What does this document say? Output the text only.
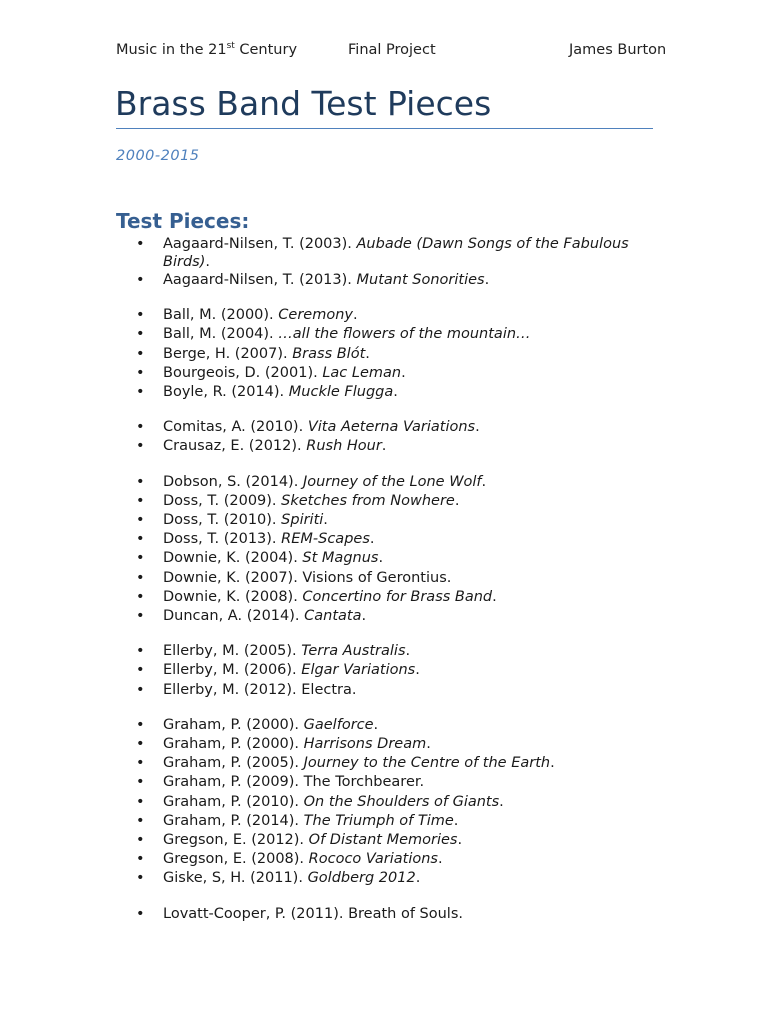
Music in the 21st Century	Final Project	James Burton
Brass Band Test Pieces
2000-2015
Test Pieces:
• Aagaard-Nilsen, T. (2003). Aubade (Dawn Songs of the Fabulous Birds).
• Aagaard-Nilsen, T. (2013). Mutant Sonorities.
• Ball, M. (2000). Ceremony.
• Ball, M. (2004). …all the flowers of the mountain…
• Berge, H. (2007). Brass Blót.
• Bourgeois, D. (2001). Lac Leman.
• Boyle, R. (2014). Muckle Flugga.
• Comitas, A. (2010). Vita Aeterna Variations.
• Crausaz, E. (2012). Rush Hour.
• Dobson, S. (2014). Journey of the Lone Wolf.
• Doss, T. (2009). Sketches from Nowhere.
• Doss, T. (2010). Spiriti.
• Doss, T. (2013). REM-Scapes.
• Downie, K. (2004). St Magnus.
• Downie, K. (2007). Visions of Gerontius.
• Downie, K. (2008). Concertino for Brass Band.
• Duncan, A. (2014). Cantata.
• Ellerby, M. (2005). Terra Australis.
• Ellerby, M. (2006). Elgar Variations.
• Ellerby, M. (2012). Electra.
• Graham, P. (2000). Gaelforce.
• Graham, P. (2000). Harrisons Dream.
• Graham, P. (2005). Journey to the Centre of the Earth.
• Graham, P. (2009). The Torchbearer.
• Graham, P. (2010). On the Shoulders of Giants.
• Graham, P. (2014). The Triumph of Time.
• Gregson, E. (2012). Of Distant Memories.
• Gregson, E. (2008). Rococo Variations.
• Giske, S, H. (2011). Goldberg 2012.
• Lovatt-Cooper, P. (2011). Breath of Souls.
